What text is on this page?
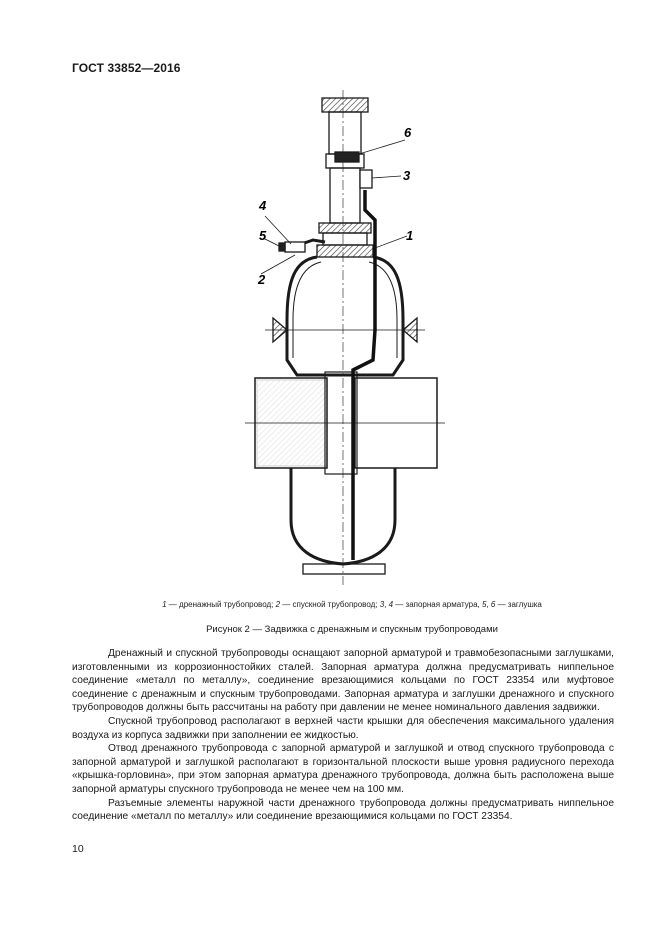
ГОСТ 33852—2016
1
2
3
4
5
6
1 — дренажный трубопровод; 2 — спускной трубопровод; 3, 4 — запорная арматура, 5, 6 — заглушка
Рисунок 2 — Задвижка с дренажным и спускным трубопроводами

Дренажный и спускной трубопроводы оснащают запорной арматурой и травмобезопасными заглушками, изготовленными из коррозионностойких сталей. Запорная арматура должна предусматривать ниппельное соединение «металл по металлу», соединение врезающимися кольцами по ГОСТ 23354 или муфтовое соединение с дренажным и спускным трубопроводами. Запорная арматура и заглушки дренажного и спускного трубопроводов должны быть рассчитаны на работу при давлении не менее номинального давления задвижки.

Спускной трубопровод располагают в верхней части крышки для обеспечения максимального удаления воздуха из корпуса задвижки при заполнении ее жидкостью.

Отвод дренажного трубопровода с запорной арматурой и заглушкой и отвод спускного трубопровода с запорной арматурой и заглушкой располагают в горизонтальной плоскости выше уровня радиусного перехода «крышка-горловина», при этом запорная арматура дренажного трубопровода, должна быть расположена выше запорной арматуры спускного трубопровода не менее чем на 100 мм.

Разъемные элементы наружной части дренажного трубопровода должны предусматривать ниппельное соединение «металл по металлу» или соединение врезающимися кольцами по ГОСТ 23354.

10
